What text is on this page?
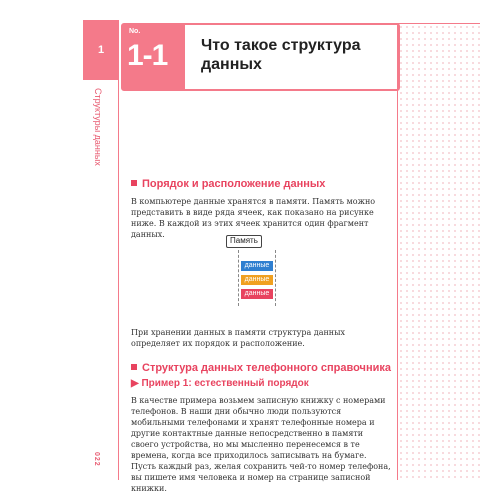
1
Структуры данных
022
No.
1-1 Что такое структура данных
Порядок и расположение данных
В компьютере данные хранятся в памяти. Память можно представить в виде ряда ячеек, как показано на рисунке ниже. В каждой из этих ячеек хранится один фрагмент данных.
Память
данные
данные
данные
При хранении данных в памяти структура данных определяет их порядок и расположение.
Структура данных телефонного справочника
▶ Пример 1: естественный порядок
В качестве примера возьмем записную книжку с номерами телефонов. В наши дни обычно люди пользуются мобильными телефонами и хранят телефонные номера и другие контактные данные непосредственно в памяти своего устройства, но мы мысленно перенесемся в те времена, когда все приходилось записывать на бумаге. Пусть каждый раз, желая сохранить чей-то номер телефона, вы пишете имя человека и номер на странице записной книжки.
